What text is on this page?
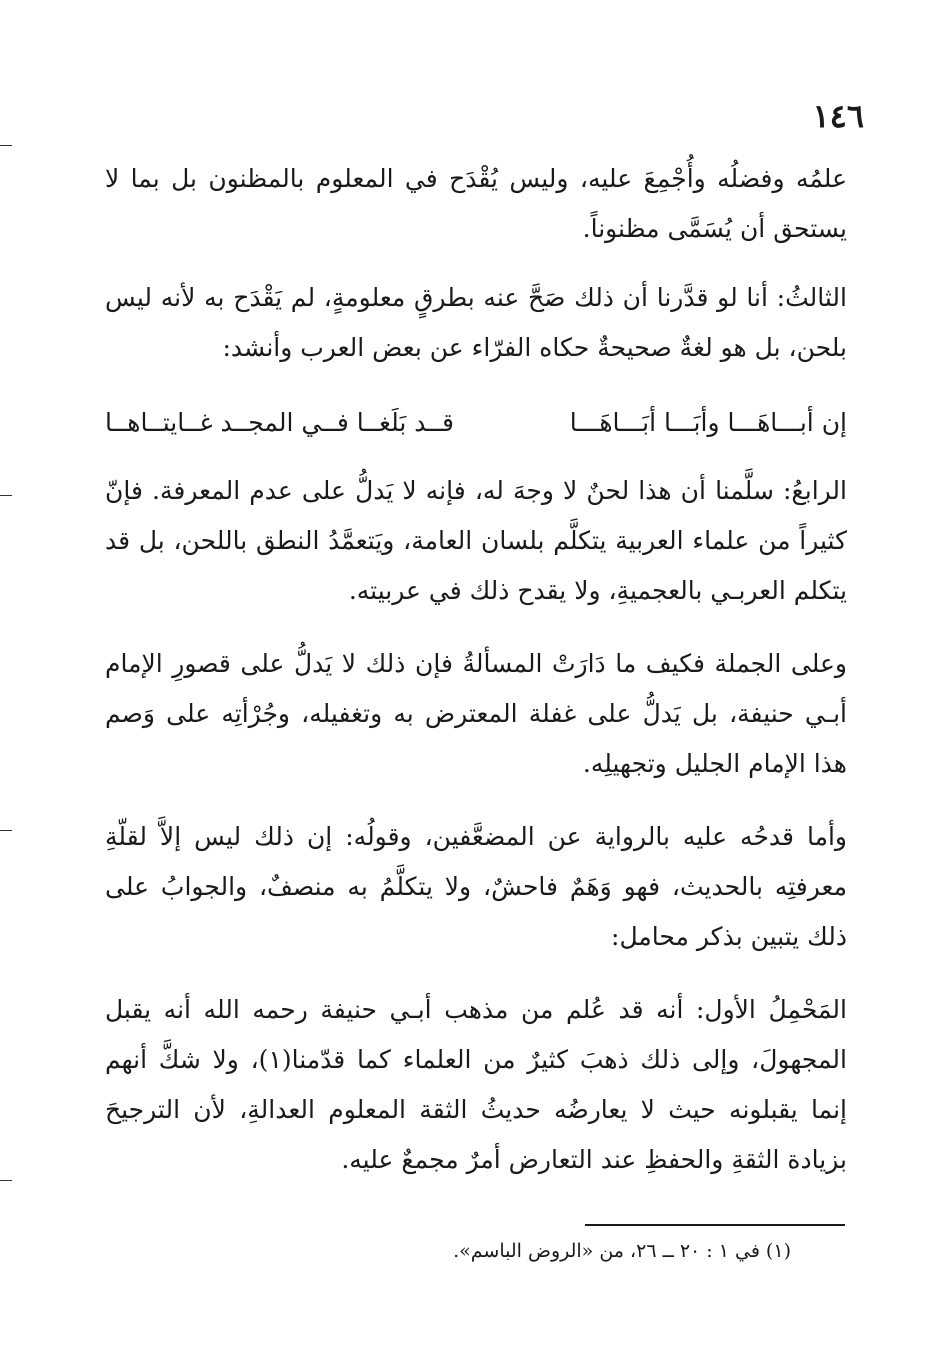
١٤٦

علمُه وفضلُه وأُجْمِعَ عليه، وليس يُقْدَح في المعلوم بالمظنون بل بما لا يستحق أن يُسَمَّى مظنوناً.

الثالثُ: أنا لو قدَّرنا أن ذلك صَحَّ عنه بطرقٍ معلومةٍ، لم يَقْدَح به لأنه ليس بلحن، بل هو لغةٌ صحيحةٌ حكاه الفرّاء عن بعض العرب وأنشد:

إن أبـــاهَـــا وأبَـــا أبَـــاهَـــا
قــد بَلَغــا فــي المجــد غــايتــاهــا

الرابعُ: سلَّمنا أن هذا لحنٌ لا وجهَ له، فإنه لا يَدلُّ على عدم المعرفة. فإنّ كثيراً من علماء العربية يتكلَّم بلسان العامة، ويَتعمَّدُ النطق باللحن، بل قد يتكلم العربـي بالعجميةِ، ولا يقدح ذلك في عربيته.

وعلى الجملة فكيف ما دَارَتْ المسألةُ فإن ذلك لا يَدلُّ على قصورِ الإمام أبـي حنيفة، بل يَدلُّ على غفلة المعترض به وتغفيله، وجُرْأتِه على وَصم هذا الإمام الجليل وتجهيلِه.

وأما قدحُه عليه بالرواية عن المضعَّفين، وقولُه: إن ذلك ليس إلاَّ لقلّةِ معرفتِه بالحديث، فهو وَهَمٌ فاحشٌ، ولا يتكلَّمُ به منصفٌ، والجوابُ على ذلك يتبين بذكر محامل:

المَحْمِلُ الأول: أنه قد عُلم من مذهب أبـي حنيفة رحمه الله أنه يقبل المجهولَ، وإلى ذلك ذهبَ كثيرٌ من العلماء كما قدّمنا(١)، ولا شكَّ أنهم إنما يقبلونه حيث لا يعارضُه حديثُ الثقة المعلوم العدالةِ، لأن الترجيحَ بزيادة الثقةِ والحفظِ عند التعارض أمرٌ مجمعٌ عليه.

(١) في ١ : ٢٠ ــ ٢٦، من «الروض الباسم».
